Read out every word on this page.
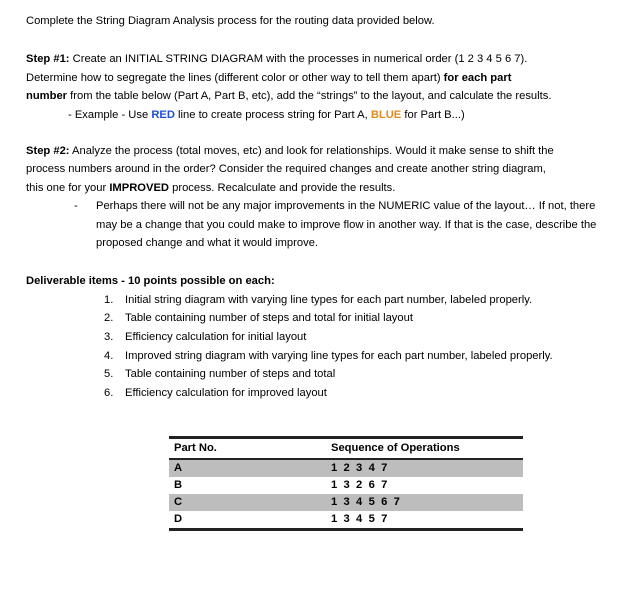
Complete the String Diagram Analysis process for the routing data provided below.

Step #1: Create an INITIAL STRING DIAGRAM with the processes in numerical order (1 2 3 4 5 6 7).

Determine how to segregate the lines (different color or other way to tell them apart) for each part

number from the table below (Part A, Part B, etc), add the “strings” to the layout, and calculate the results.

- Example - Use RED line to create process string for Part A, BLUE for Part B...)

Step #2: Analyze the process (total moves, etc) and look for relationships. Would it make sense to shift the

process numbers around in the order? Consider the required changes and create another string diagram,

this one for your IMPROVED process. Recalculate and provide the results.

-	Perhaps there will not be any major improvements in the NUMERIC value of the layout… If not, there may be a change that you could make to improve flow in another way. If that is the case, describe the proposed change and what it would improve.

Deliverable items - 10 points possible on each:

Initial string diagram with varying line types for each part number, labeled properly.
Table containing number of steps and total for initial layout
Efficiency calculation for initial layout
Improved string diagram with varying line types for each part number, labeled properly.
Table containing number of steps and total
Efficiency calculation for improved layout
Part No.	Sequence of Operations
A	1 2 3 4 7
B	1 3 2 6 7
C	1 3 4 5 6 7
D	1 3 4 5 7
